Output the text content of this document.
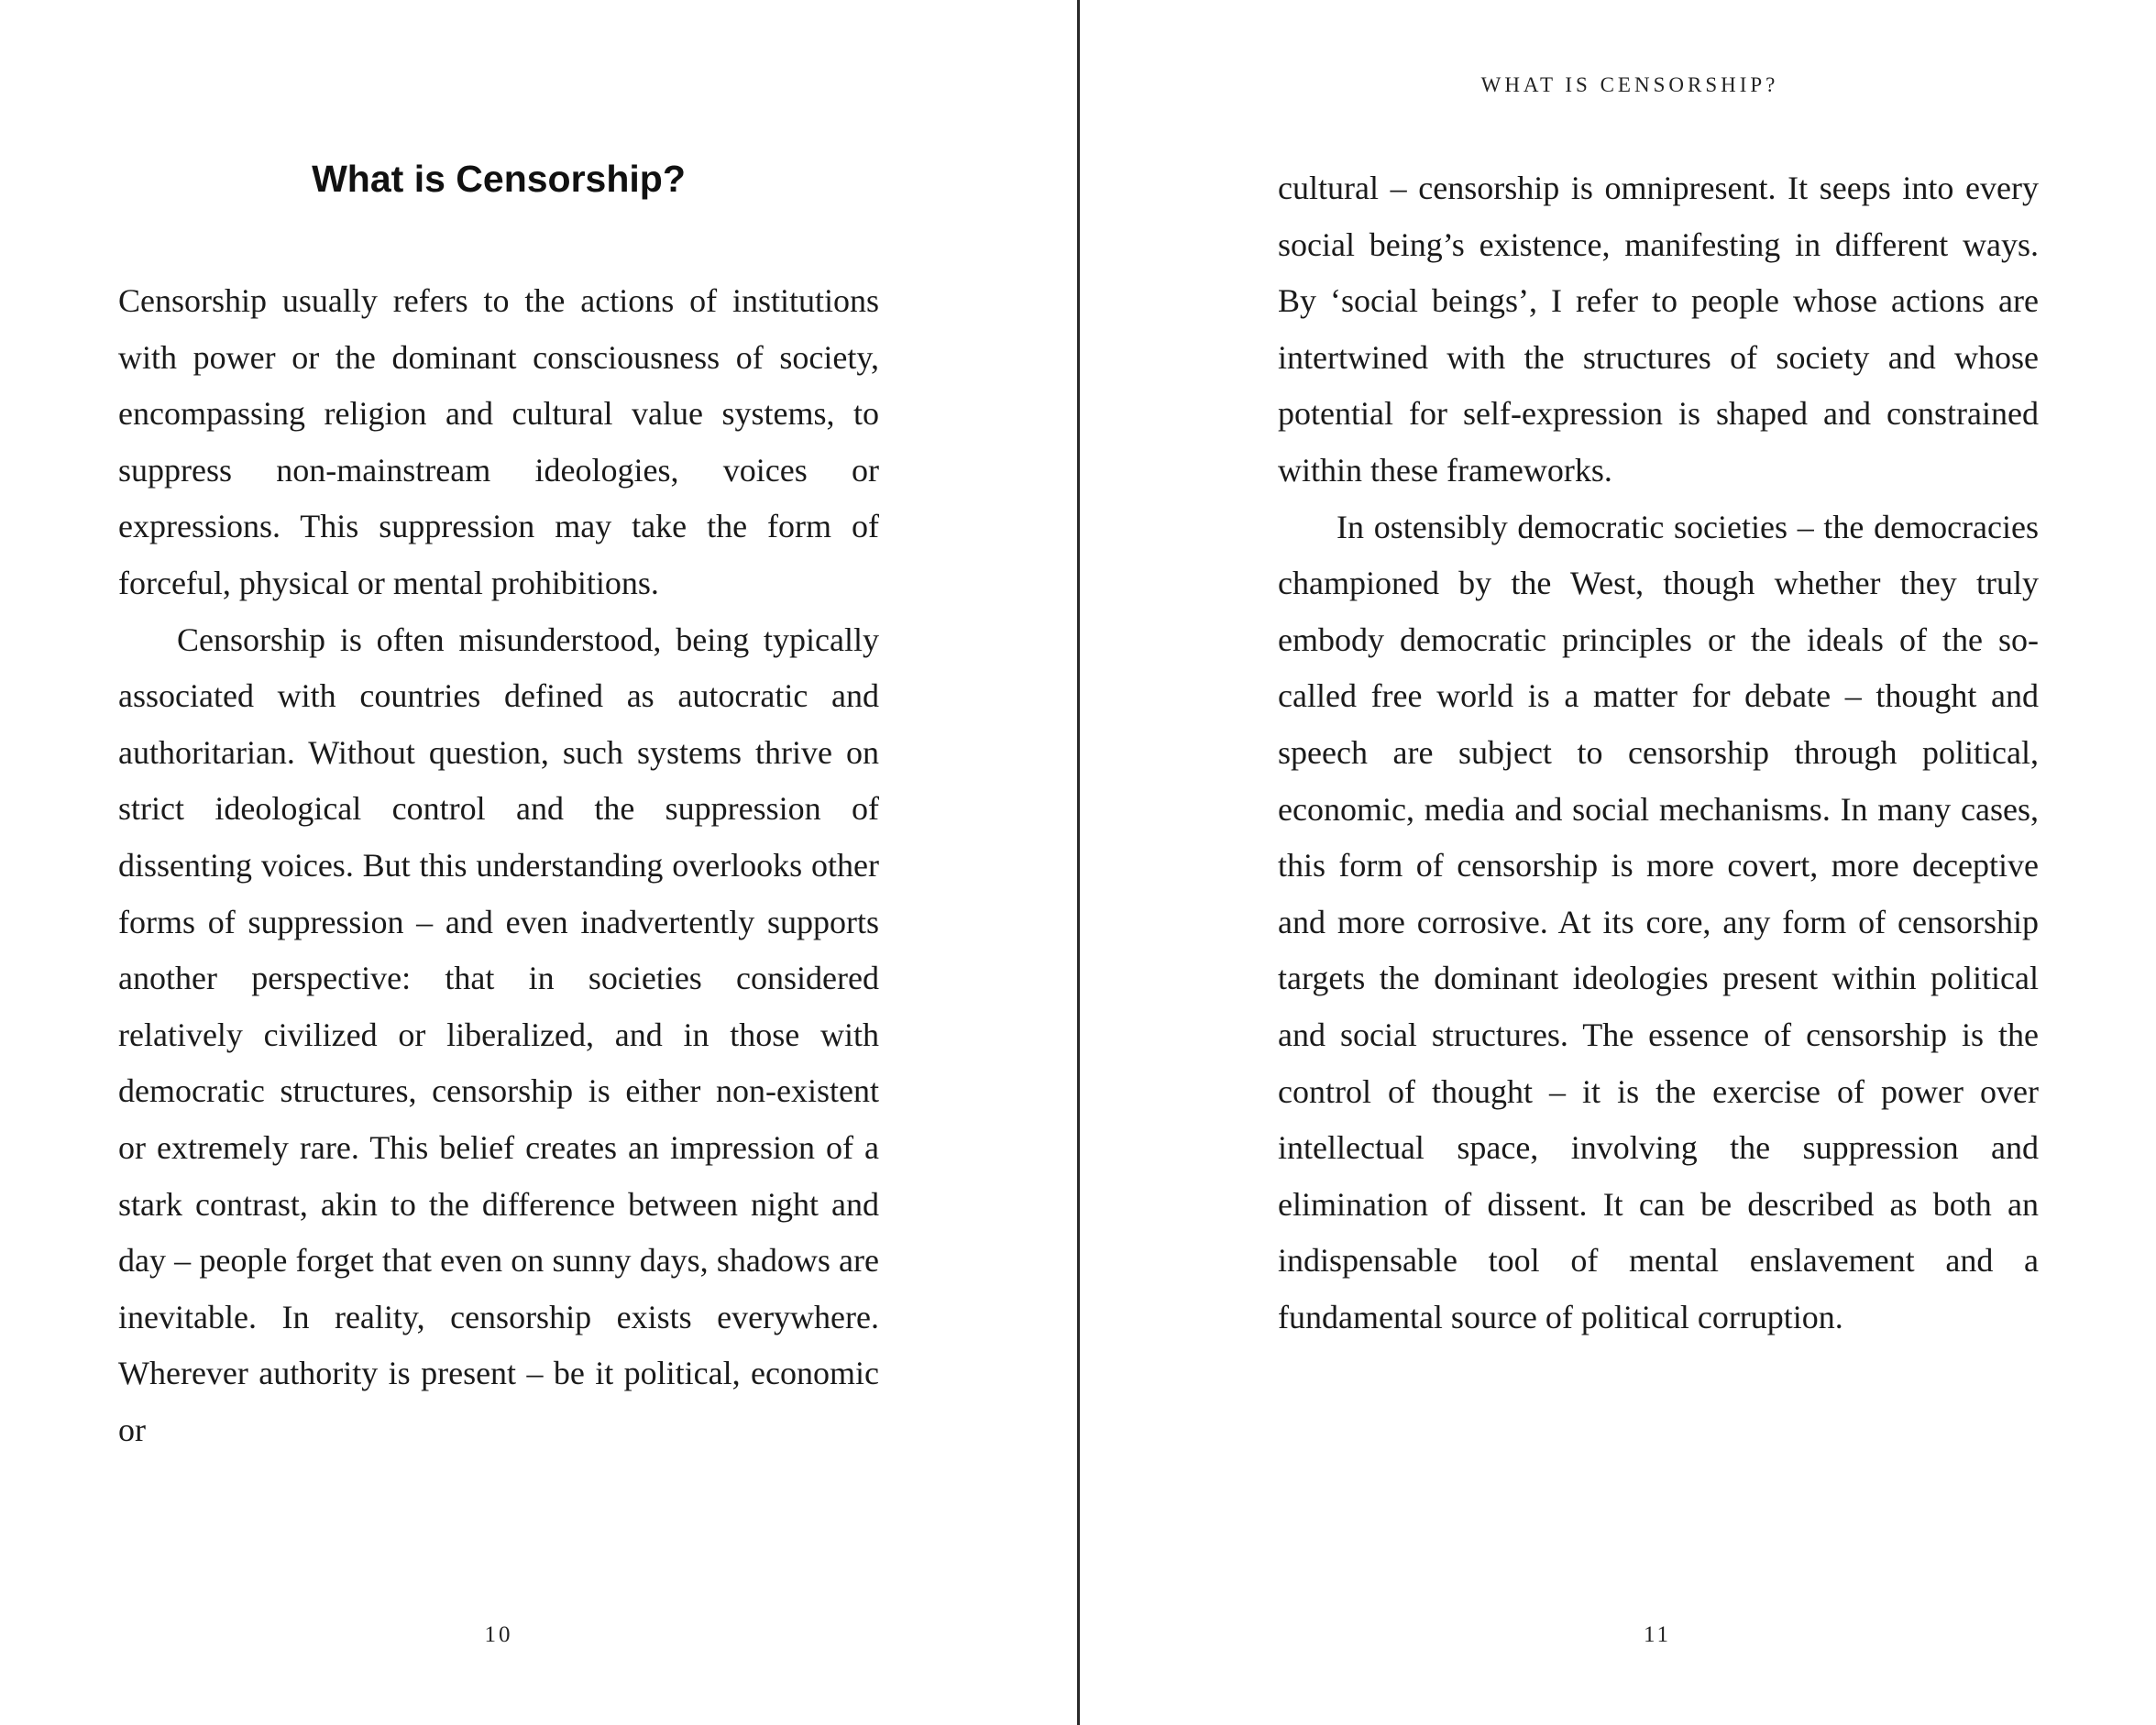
What is Censorship?

Censorship usually refers to the actions of institutions with power or the dominant consciousness of society, encompassing religion and cultural value systems, to suppress non-mainstream ideologies, voices or expressions. This suppression may take the form of forceful, physical or mental prohibitions.

Censorship is often misunderstood, being typically associated with countries defined as autocratic and authoritarian. Without question, such systems thrive on strict ideological control and the suppression of dissenting voices. But this understanding overlooks other forms of suppression – and even inadvertently supports another perspective: that in societies considered relatively civilized or liberalized, and in those with democratic structures, censorship is either non-existent or extremely rare. This belief creates an impression of a stark contrast, akin to the difference between night and day – people forget that even on sunny days, shadows are inevitable. In reality, censorship exists everywhere. Wherever authority is present – be it political, economic or

10
WHAT IS CENSORSHIP?

cultural – censorship is omnipresent. It seeps into every social being’s existence, manifesting in different ways. By ‘social beings’, I refer to people whose actions are intertwined with the structures of society and whose potential for self-expression is shaped and constrained within these frameworks.

In ostensibly democratic societies – the democracies championed by the West, though whether they truly embody democratic principles or the ideals of the so-called free world is a matter for debate – thought and speech are subject to censorship through political, economic, media and social mechanisms. In many cases, this form of censorship is more covert, more deceptive and more corrosive. At its core, any form of censorship targets the dominant ideologies present within political and social structures. The essence of censorship is the control of thought – it is the exercise of power over intellectual space, involving the suppression and elimination of dissent. It can be described as both an indispensable tool of mental enslavement and a fundamental source of political corruption.

11
